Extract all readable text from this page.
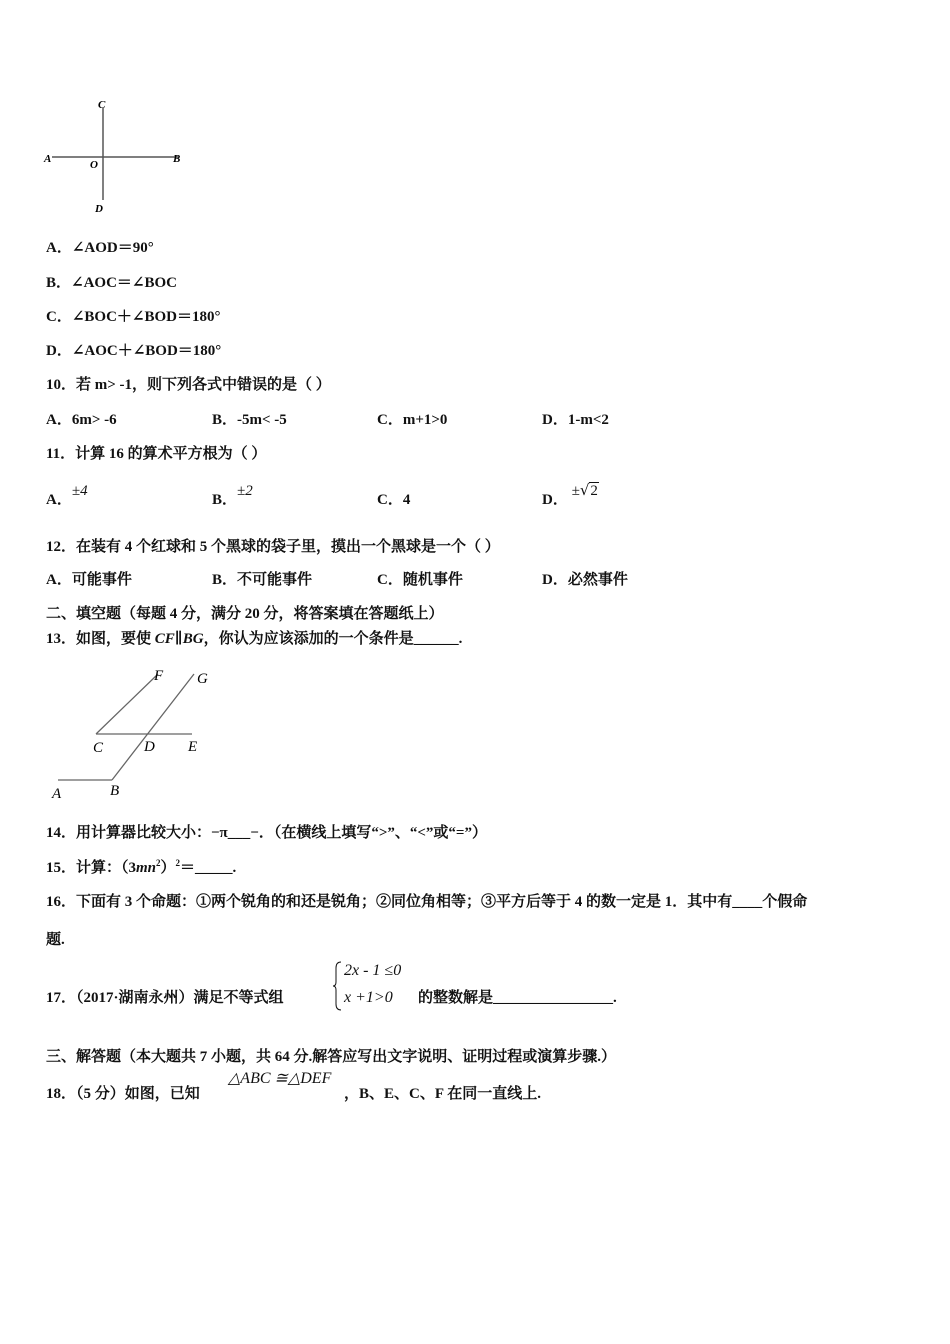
C
A	O	B
D
A．∠AOD＝90°
B．∠AOC＝∠BOC
C．∠BOC＋∠BOD＝180°
D．∠AOC＋∠BOD＝180°
10．若 m> -1，则下列各式中错误的是（ ）
A．6m> -6	B．-5m< -5	C．m+1>0	D．1-m<2
11．计算 16 的算术平方根为（ ）
A．±4
B．±2
C．4	D． ±√2
12．在装有 4 个红球和 5 个黑球的袋子里，摸出一个黑球是一个（ ）
A．可能事件	B．不可能事件	C．随机事件	D．必然事件
二、填空题（每题 4 分，满分 20 分，将答案填在答题纸上）
13．如图，要使 CF∥BG，你认为应该添加的一个条件是______.
F G
C	D E
A	B
14．用计算器比较大小：−π___−．（在横线上填写“>”、“<”或“=”）
15．计算：$(3mn^2)^2=\_\_\_\_\_$.
16．下面有 3 个命题：①两个锐角的和还是锐角；②同位角相等；③平方后等于 4 的数一定是 1．其中有____个假命
题.
17．（2017·湖南永州）满足不等式组
2x - 1 ≤0
x +1>0 的整数解是________________.
三、解答题（本大题共 7 小题，共 64 分.解答应写出文字说明、证明过程或演算步骤.）
18．（5 分）如图，已知
△ABC ≅△DEF
，B、E、C、F 在同一直线上.
